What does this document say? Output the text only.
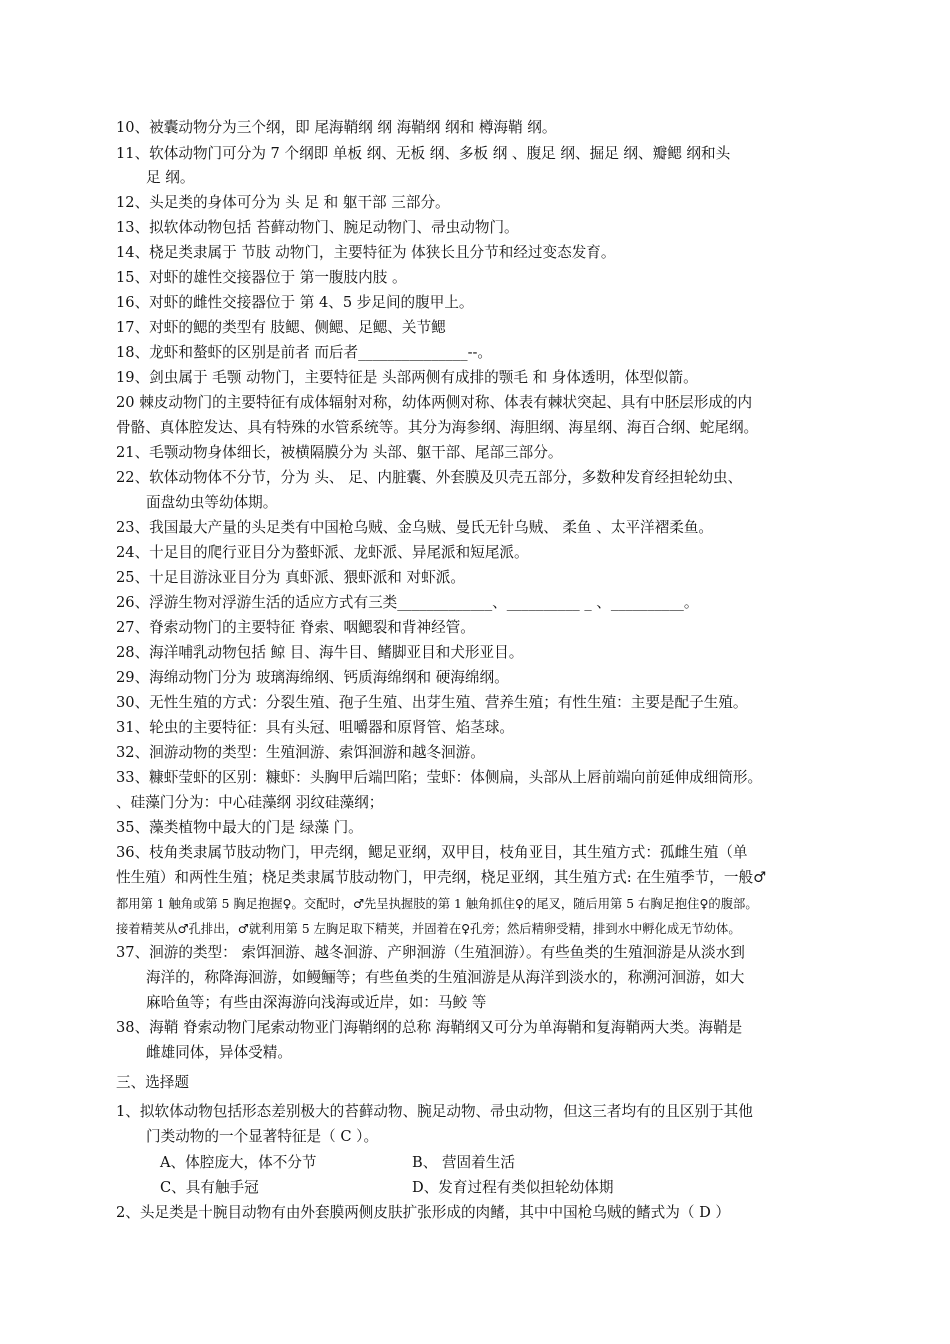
10、被囊动物分为三个纲，即 尾海鞘纲 纲 海鞘纲 纲和 樽海鞘 纲。
11、软体动物门可分为 7 个纲即 单板 纲、无板 纲、多板 纲 、腹足 纲、掘足 纲、瓣鳃 纲和头
足 纲。
12、头足类的身体可分为 头 足 和 躯干部 三部分。
13、拟软体动物包括 苔藓动物门、腕足动物门、帚虫动物门。
14、桡足类隶属于 节肢 动物门，主要特征为 体狭长且分节和经过变态发育。
15、对虾的雄性交接器位于 第一腹肢内肢 。
16、对虾的雌性交接器位于 第 4、5 步足间的腹甲上。
17、对虾的鳃的类型有 肢鳃、侧鳃、足鳃、关节鳃
18、龙虾和螯虾的区别是前者 而后者_______________--。
19、剑虫属于 毛颚 动物门，主要特征是 头部两侧有成排的颚毛 和 身体透明，体型似箭。
20 棘皮动物门的主要特征有成体辐射对称，幼体两侧对称、体表有棘状突起、具有中胚层形成的内
骨骼、真体腔发达、具有特殊的水管系统等。其分为海参纲、海胆纲、海星纲、海百合纲、蛇尾纲。
21、毛颚动物身体细长，被横隔膜分为 头部、躯干部、尾部三部分。
22、软体动物体不分节，分为 头、 足、内脏囊、外套膜及贝壳五部分，多数种发育经担轮幼虫、
面盘幼虫等幼体期。
23、我国最大产量的头足类有中国枪乌贼、金乌贼、曼氏无针乌贼、 柔鱼 、太平洋褶柔鱼。
24、十足目的爬行亚目分为螯虾派、龙虾派、异尾派和短尾派。
25、十足目游泳亚目分为 真虾派、猥虾派和 对虾派。
26、浮游生物对浮游生活的适应方式有三类_____________、__________ _ 、__________。
27、脊索动物门的主要特征 脊索、咽鳃裂和背神经管。
28、海洋哺乳动物包括 鲸 目、海牛目、鳍脚亚目和犬形亚目。
29、海绵动物门分为 玻璃海绵纲、钙质海绵纲和 硬海绵纲。
30、无性生殖的方式：分裂生殖、孢子生殖、出芽生殖、营养生殖；有性生殖：主要是配子生殖。
31、轮虫的主要特征：具有头冠、咀嚼器和原肾管、焰茎球。
32、洄游动物的类型：生殖洄游、索饵洄游和越冬洄游。
33、糠虾莹虾的区别：糠虾：头胸甲后端凹陷；莹虾：体侧扁，头部从上唇前端向前延伸成细筒形。
、硅藻门分为：中心硅藻纲 羽纹硅藻纲；
35、藻类植物中最大的门是 绿藻 门。
36、枝角类隶属节肢动物门，甲壳纲，鳃足亚纲，双甲目，枝角亚目，其生殖方式：孤雌生殖（单
性生殖）和两性生殖；桡足类隶属节肢动物门，甲壳纲，桡足亚纲，其生殖方式: 在生殖季节，一般♂
都用第 1 触角或第 5 胸足抱握♀。交配时，♂先呈执握肢的第 1 触角抓住♀的尾叉，随后用第 5 右胸足抱住♀的腹部。
接着精荚从♂孔排出，♂就利用第 5 左胸足取下精荚，并固着在♀孔旁；然后精卵受精，排到水中孵化成无节幼体。
37、洄游的类型： 索饵洄游、越冬洄游、产卵洄游（生殖洄游）。有些鱼类的生殖洄游是从淡水到
海洋的，称降海洄游，如鳗鲡等；有些鱼类的生殖洄游是从海洋到淡水的，称溯河洄游，如大
麻哈鱼等；有些由深海游向浅海或近岸，如：马鲛 等
38、海鞘 脊索动物门尾索动物亚门海鞘纲的总称 海鞘纲又可分为单海鞘和复海鞘两大类。海鞘是
雌雄同体，异体受精。
三、选择题
1、拟软体动物包括形态差别极大的苔藓动物、腕足动物、帚虫动物，但这三者均有的且区别于其他
门类动物的一个显著特征是（ C ）。
A、体腔庞大，体不分节	B、 营固着生活
C、具有触手冠	D、发育过程有类似担轮幼体期
2、头足类是十腕目动物有由外套膜两侧皮肤扩张形成的肉鳍，其中中国枪乌贼的鳍式为（ D ）
